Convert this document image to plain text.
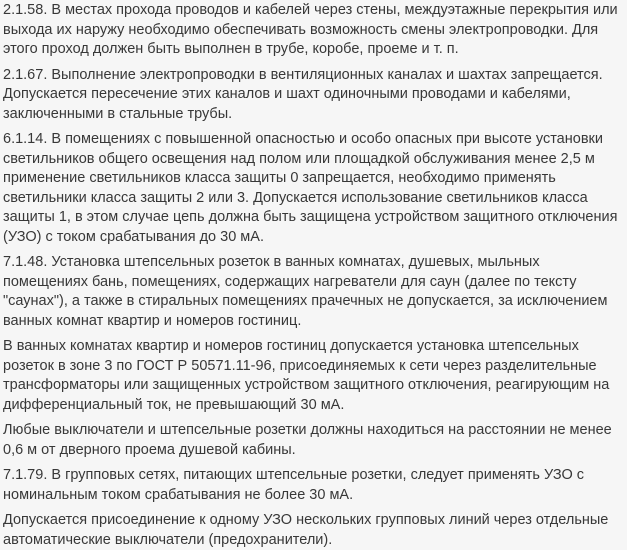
2.1.58. В местах прохода проводов и кабелей через стены, междуэтажные перекрытия или выхода их наружу необходимо обеспечивать возможность смены электропроводки. Для этого проход должен быть выполнен в трубе, коробе, проеме и т. п.

2.1.67. Выполнение электропроводки в вентиляционных каналах и шахтах запрещается. Допускается пересечение этих каналов и шахт одиночными проводами и кабелями, заключенными в стальные трубы.

6.1.14. В помещениях с повышенной опасностью и особо опасных при высоте установки светильников общего освещения над полом или площадкой обслуживания менее 2,5 м применение светильников класса защиты 0 запрещается, необходимо применять светильники класса защиты 2 или 3. Допускается использование светильников класса защиты 1, в этом случае цепь должна быть защищена устройством защитного отключения (УЗО) с током срабатывания до 30 мА.

7.1.48. Установка штепсельных розеток в ванных комнатах, душевых, мыльных помещениях бань, помещениях, содержащих нагреватели для саун (далее по тексту "саунах"), а также в стиральных помещениях прачечных не допускается, за исключением ванных комнат квартир и номеров гостиниц.

В ванных комнатах квартир и номеров гостиниц допускается установка штепсельных розеток в зоне 3 по ГОСТ Р 50571.11-96, присоединяемых к сети через разделительные трансформаторы или защищенных устройством защитного отключения, реагирующим на дифференциальный ток, не превышающий 30 мА.

Любые выключатели и штепсельные розетки должны находиться на расстоянии не менее 0,6 м от дверного проема душевой кабины.

7.1.79. В групповых сетях, питающих штепсельные розетки, следует применять УЗО с номинальным током срабатывания не более 30 мА.

Допускается присоединение к одному УЗО нескольких групповых линий через отдельные автоматические выключатели (предохранители).
